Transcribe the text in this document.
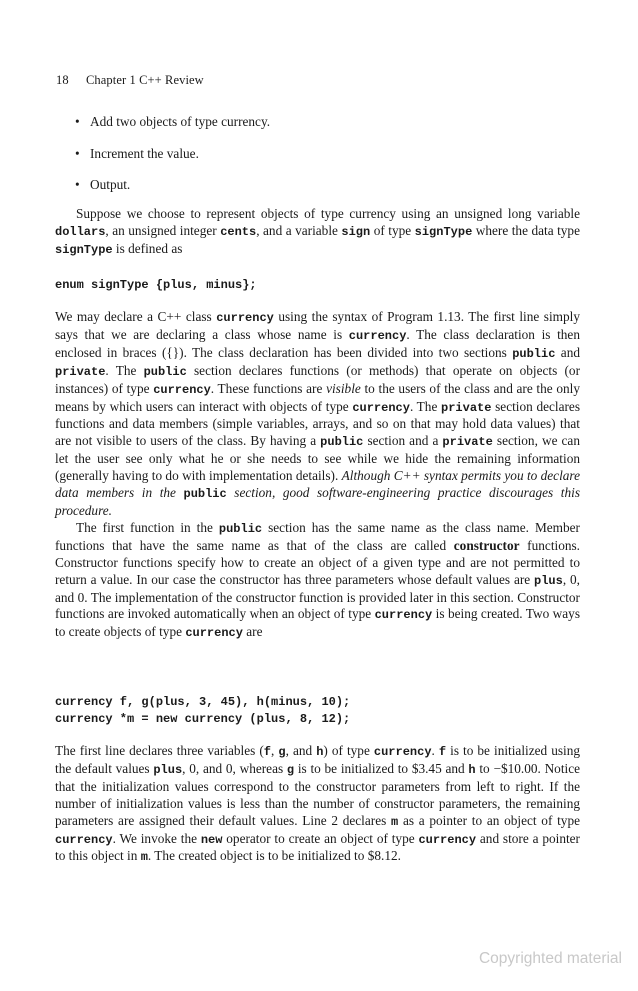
18 Chapter 1 C++ Review
• Add two objects of type currency.
• Increment the value.
• Output.

Suppose we choose to represent objects of type currency using an unsigned long variable dollars, an unsigned integer cents, and a variable sign of type signType where the data type signType is defined as

enum signType {plus, minus};

We may declare a C++ class currency using the syntax of Program 1.13. The first line simply says that we are declaring a class whose name is currency. The class declaration is then enclosed in braces ({}). The class declaration has been divided into two sections public and private. The public section declares functions (or methods) that operate on objects (or instances) of type currency. These functions are visible to the users of the class and are the only means by which users can interact with objects of type currency. The private section declares functions and data members (simple variables, arrays, and so on that may hold data values) that are not visible to users of the class. By having a public section and a private section, we can let the user see only what he or she needs to see while we hide the remaining information (generally having to do with implementation details). Although C++ syntax permits you to declare data members in the public section, good software-engineering practice discourages this procedure.

The first function in the public section has the same name as the class name. Member functions that have the same name as that of the class are called constructor functions. Constructor functions specify how to create an object of a given type and are not permitted to return a value. In our case the constructor has three parameters whose default values are plus, 0, and 0. The implementation of the constructor function is provided later in this section. Constructor functions are invoked automatically when an object of type currency is being created. Two ways to create objects of type currency are

currency f, g(plus, 3, 45), h(minus, 10);
currency *m = new currency (plus, 8, 12);

The first line declares three variables (f, g, and h) of type currency. f is to be initialized using the default values plus, 0, and 0, whereas g is to be initialized to $3.45 and h to −$10.00. Notice that the initialization values correspond to the constructor parameters from left to right. If the number of initialization values is less than the number of constructor parameters, the remaining parameters are assigned their default values. Line 2 declares m as a pointer to an object of type currency. We invoke the new operator to create an object of type currency and store a pointer to this object in m. The created object is to be initialized to $8.12.

Copyrighted material
